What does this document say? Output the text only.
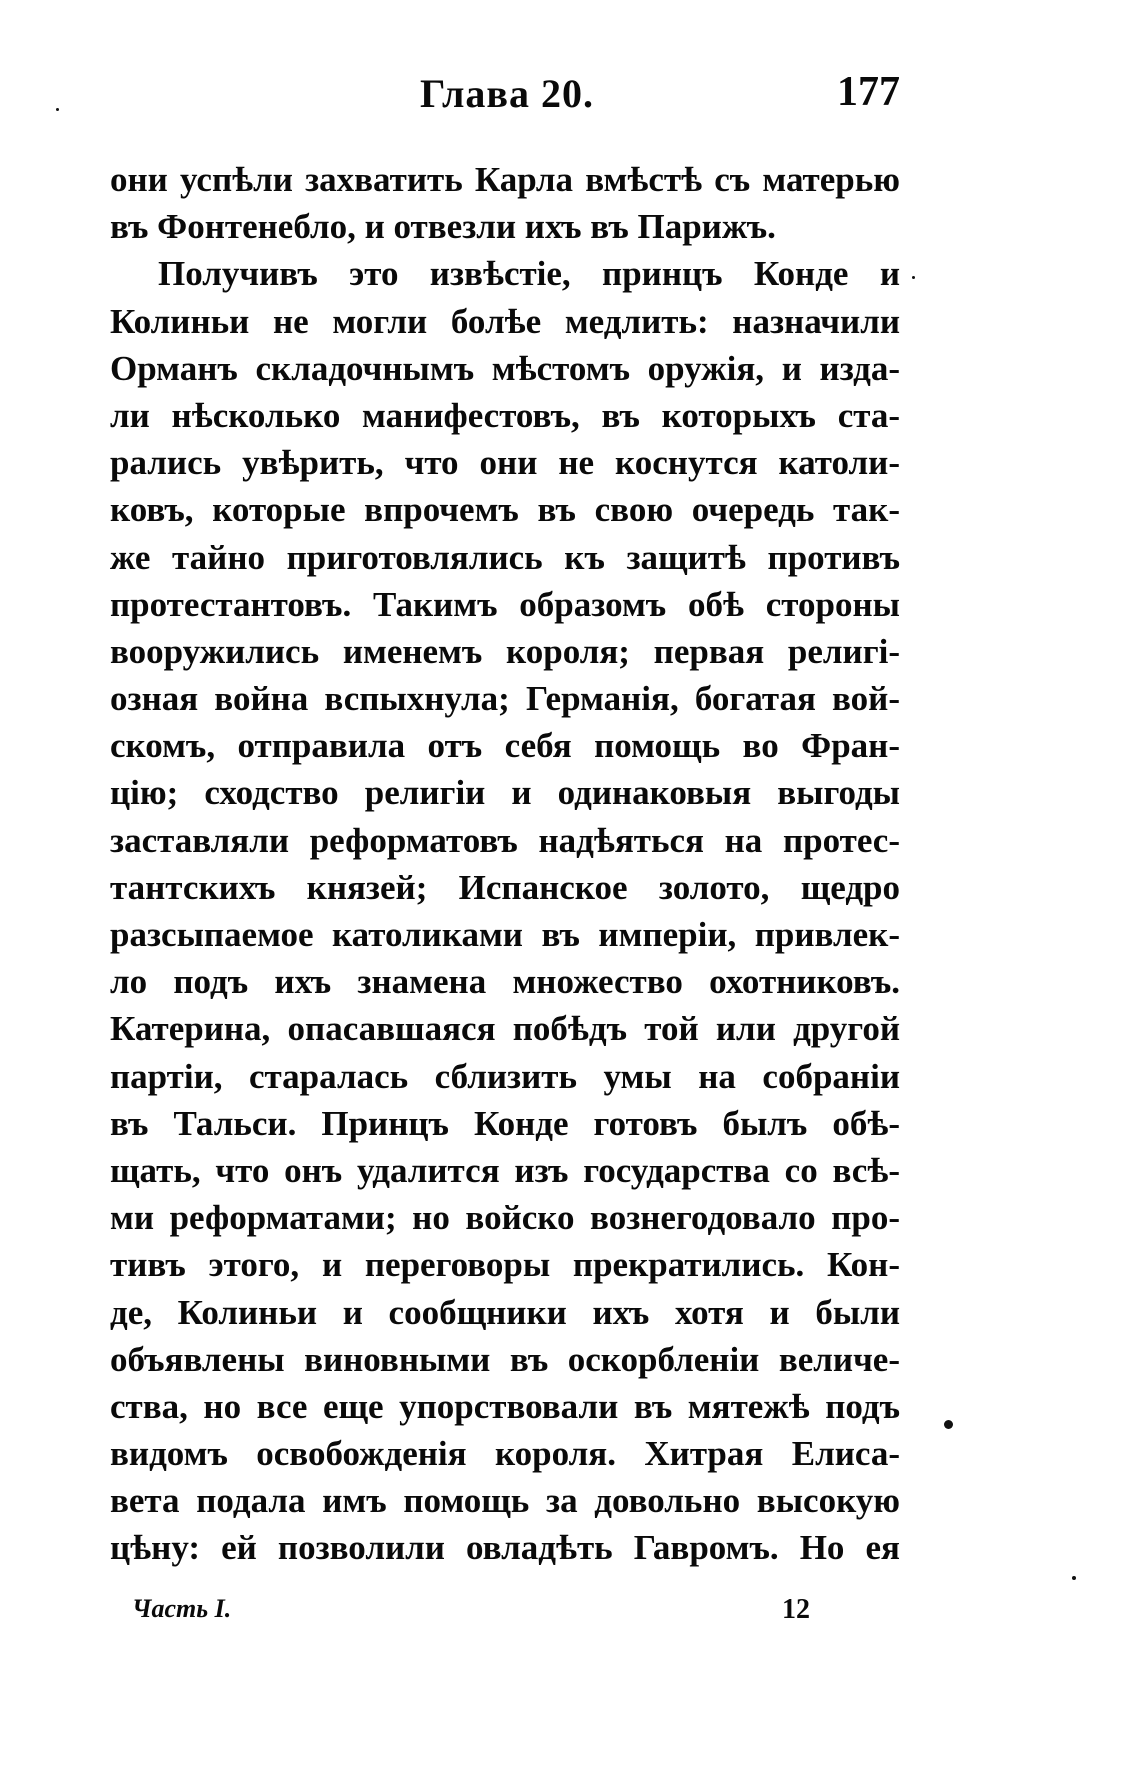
Глава 20.	177
они успѣли захватить Карла вмѣстѣ съ матерью
въ Фонтенебло, и отвезли ихъ въ Парижъ.
Получивъ это извѣстіе, принцъ Конде и
Колиньи не могли болѣе медлить: назначили
Орманъ складочнымъ мѣстомъ оружія, и изда-
ли нѣсколько манифестовъ, въ которыхъ ста-
рались увѣрить, что они не коснутся католи-
ковъ, которые впрочемъ въ свою очередь так-
же тайно приготовлялись къ защитѣ противъ
протестантовъ. Такимъ образомъ обѣ стороны
вооружились именемъ короля; первая религі-
озная война вспыхнула; Германія, богатая вой-
скомъ, отправила отъ себя помощь во Фран-
цію; сходство религіи и одинаковыя выгоды
заставляли реформатовъ надѣяться на протес-
тантскихъ князей; Испанское золото, щедро
разсыпаемое католиками въ имперіи, привлек-
ло подъ ихъ знамена множество охотниковъ.
Катерина, опасавшаяся побѣдъ той или другой
партіи, старалась сблизить умы на собраніи
въ Тальси. Принцъ Конде готовъ былъ обѣ-
щать, что онъ удалится изъ государства со всѣ-
ми реформатами; но войско вознегодовало про-
тивъ этого, и переговоры прекратились. Кон-
де, Колиньи и сообщники ихъ хотя и были
объявлены виновными въ оскорбленіи величе-
ства, но все еще упорствовали въ мятежѣ подъ
видомъ освобожденія короля. Хитрая Елиса-
вета подала имъ помощь за довольно высокую
цѣну: ей позволили овладѣть Гавромъ. Но ея
Часть I.	12
